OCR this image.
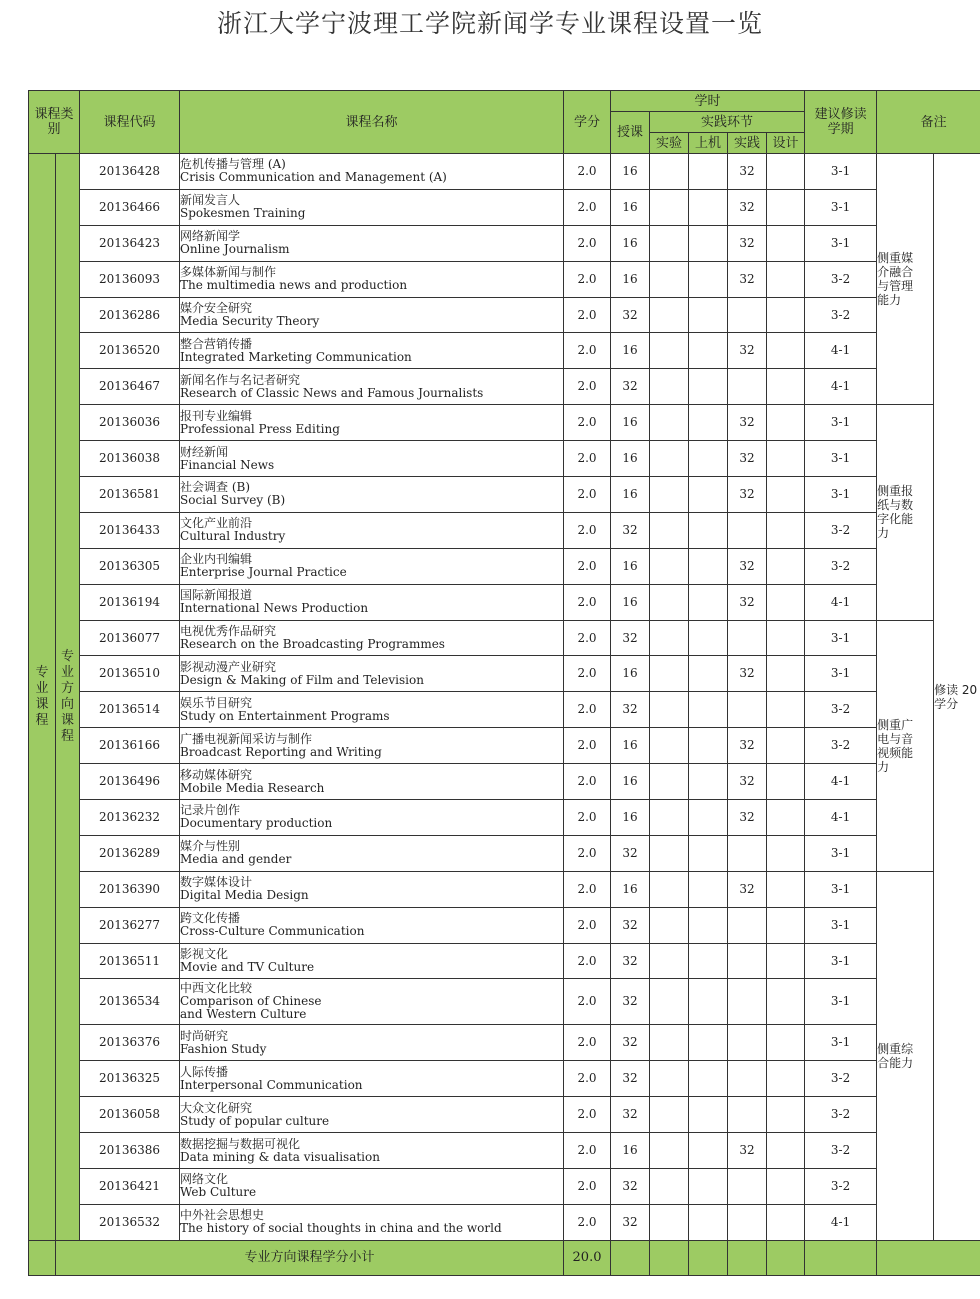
浙江大学宁波理工学院新闻学专业课程设置一览
课程类别		课程代码	课程名称	学分	学时					建议修读学期	备注	
					授课	实践环节						
						实验	上机	实践	设计			

专业课程	专业方向课程	20136428	危机传播与管理 (A)
Crisis Communication and Management (A)	2.0	16			32		3-1	侧重媒介融合与管理能力	修读 20 学分
		20136466	新闻发言人
Spokesmen Training	2.0	16			32		3-1		
		20136423	网络新闻学
Online Journalism	2.0	16			32		3-1		
		20136093	多媒体新闻与制作
The multimedia news and production	2.0	16			32		3-2		
		20136286	媒介安全研究
Media Security Theory	2.0	32					3-2		
		20136520	整合营销传播
Integrated Marketing Communication	2.0	16			32		4-1		
		20136467	新闻名作与名记者研究
Research of Classic News and Famous Journalists	2.0	32					4-1		
		20136036	报刊专业编辑
Professional Press Editing	2.0	16			32		3-1	侧重报纸与数字化能力	

		20136038	财经新闻
Financial News	2.0	16			32		3-1		
		20136581	社会调查 (B)
Social Survey (B)	2.0	16			32		3-1		
		20136433	文化产业前沿
Cultural Industry	2.0	32					3-2		
		20136305	企业内刊编辑
Enterprise Journal Practice	2.0	16			32		3-2		
		20136194	国际新闻报道
International News Production	2.0	16			32		4-1		
		20136077	电视优秀作品研究
Research on the Broadcasting Programmes	2.0	32					3-1	侧重广电与音视频能力	

		20136510	影视动漫产业研究
Design & Making of Film and Television	2.0	16			32		3-1		
		20136514	娱乐节目研究
Study on Entertainment Programs	2.0	32					3-2		
		20136166	广播电视新闻采访与制作
Broadcast Reporting and Writing	2.0	16			32		3-2		
		20136496	移动媒体研究
Mobile Media Research	2.0	16			32		4-1		
		20136232	记录片创作
Documentary production	2.0	16			32		4-1		
		20136289	媒介与性别
Media and gender	2.0	32					3-1		
		20136390	数字媒体设计
Digital Media Design	2.0	16			32		3-1	侧重综合能力	

		20136277	跨文化传播
Cross-Culture Communication	2.0	32					3-1		
		20136511	影视文化
Movie and TV Culture	2.0	32					3-1		
		20136534	中西文化比较
Comparison of Chinese
and Western Culture	2.0	32					3-1		
		20136376	时尚研究
Fashion Study	2.0	32					3-1		
		20136325	人际传播
Interpersonal Communication	2.0	32					3-2		
		20136058	大众文化研究
Study of popular culture	2.0	32					3-2		
		20136386	数据挖掘与数据可视化
Data mining & data visualisation	2.0	16			32		3-2		
		20136421	网络文化
Web Culture	2.0	32					3-2		
		20136532	中外社会思想史
The history of social thoughts in china and the world	2.0	32					4-1		
	专业方向课程学分小计			20.0								
